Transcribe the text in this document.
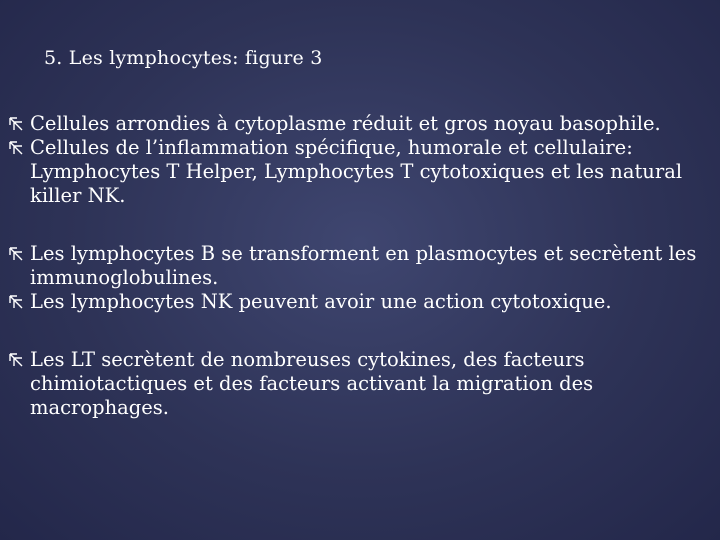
5. Les lymphocytes: figure 3
Cellules arrondies à cytoplasme réduit et gros noyau basophile.
Cellules de l’inflammation spécifique, humorale et cellulaire: Lymphocytes T Helper, Lymphocytes T cytotoxiques et les natural killer NK.
Les lymphocytes B se transforment en plasmocytes et secrètent les immunoglobulines.
Les lymphocytes NK peuvent avoir une action cytotoxique.
Les LT secrètent de nombreuses cytokines, des facteurs chimiotactiques et des facteurs activant la migration des macrophages.
